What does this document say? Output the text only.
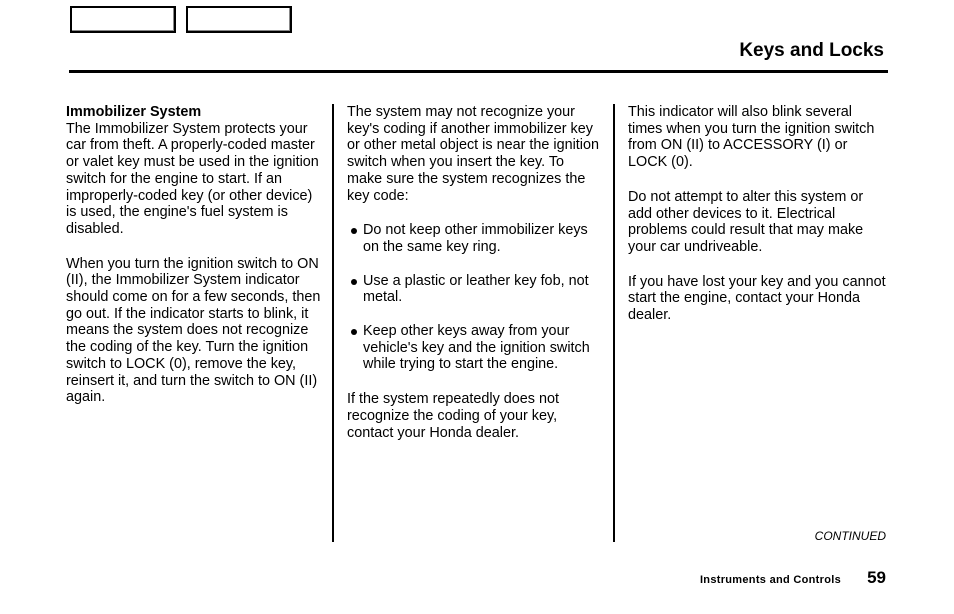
Keys and Locks

Immobilizer System
The Immobilizer System protects your car from theft. A properly-coded master or valet key must be used in the ignition switch for the engine to start. If an improperly-coded key (or other device) is used, the engine's fuel system is disabled.

When you turn the ignition switch to ON (II), the Immobilizer System indicator should come on for a few seconds, then go out. If the indicator starts to blink, it means the system does not recognize the coding of the key. Turn the ignition switch to LOCK (0), remove the key, reinsert it, and turn the switch to ON (II) again.

The system may not recognize your key's coding if another immobilizer key or other metal object is near the ignition switch when you insert the key. To make sure the system recognizes the key code:

Do not keep other immobilizer keys on the same key ring.
Use a plastic or leather key fob, not metal.
Keep other keys away from your vehicle's key and the ignition switch while trying to start the engine.

If the system repeatedly does not recognize the coding of your key, contact your Honda dealer.

This indicator will also blink several times when you turn the ignition switch from ON (II) to ACCESSORY (I) or LOCK (0).

Do not attempt to alter this system or add other devices to it. Electrical problems could result that may make your car undriveable.

If you have lost your key and you cannot start the engine, contact your Honda dealer.

CONTINUED
Instruments and Controls 59
